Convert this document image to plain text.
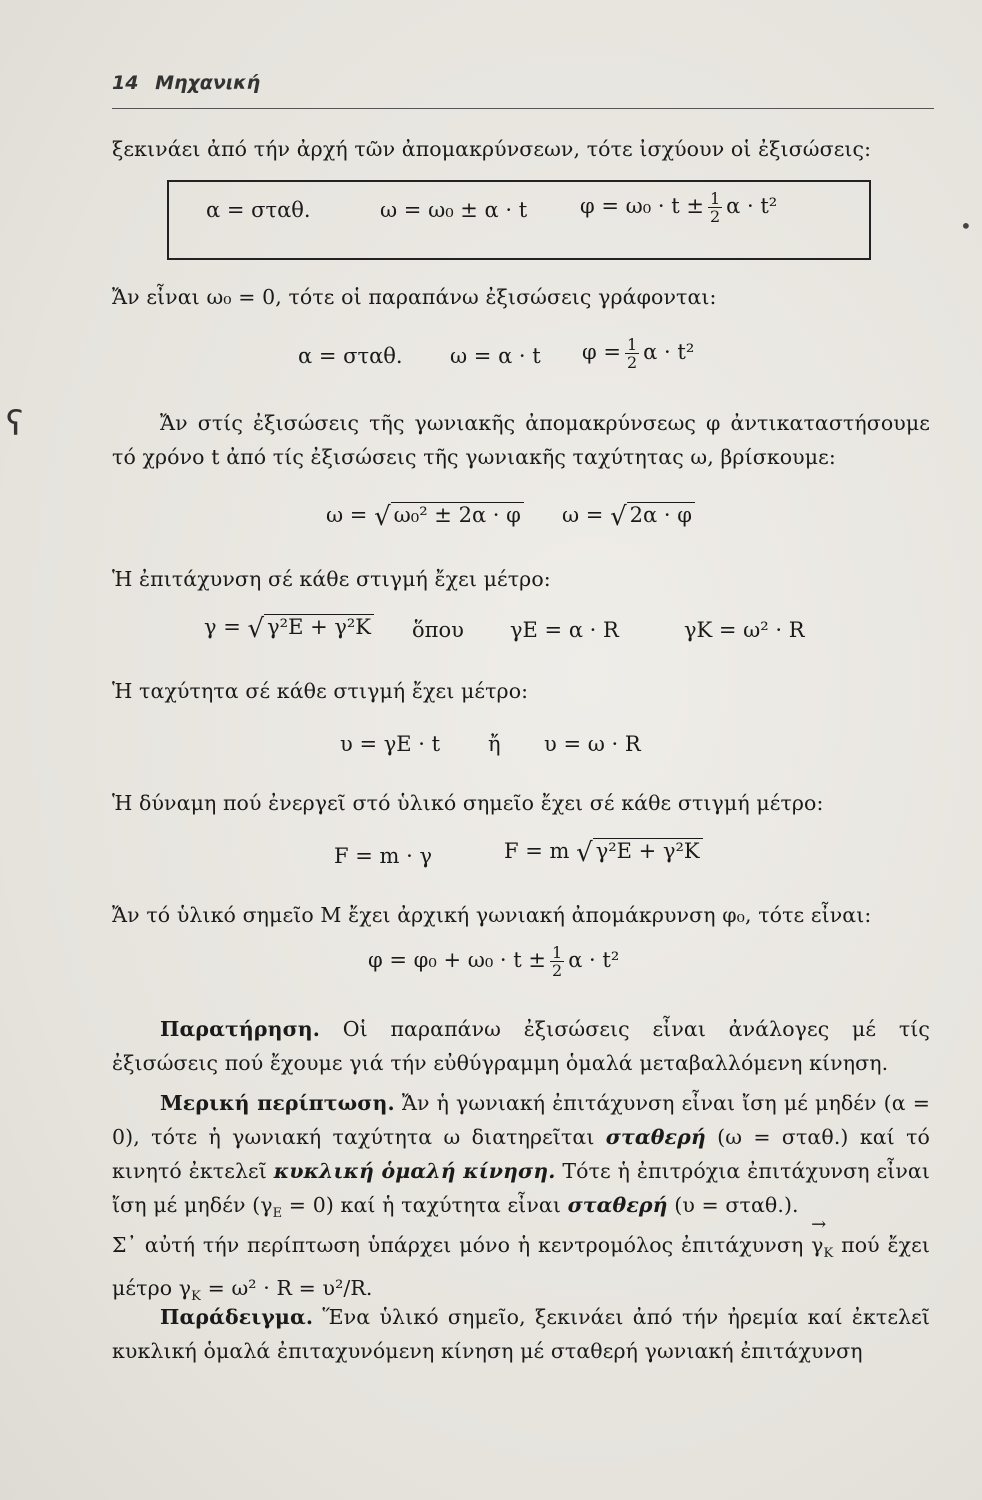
14 Μηχανική
ʕ
ξεκινάει ἀπό τήν ἀρχή τῶν ἀπομακρύνσεων, τότε ἰσχύουν οἱ ἐξισώσεις:
α = σταθ.	ω = ω₀ ± α · t	$\varphi = \omega_0 \cdot t \pm \frac{1}{2}$ α · t²
•
Ἄν εἶναι ω₀ = 0, τότε οἱ παραπάνω ἐξισώσεις γράφονται:
α = σταθ. ω = α · t $\varphi = \frac{1}{2}$ α · t²
Ἄν στίς ἐξισώσεις τῆς γωνιακῆς ἀπομακρύνσεως φ ἀντικαταστήσουμε τό χρόνο t ἀπό τίς ἐξισώσεις τῆς γωνιακῆς ταχύτητας ω, βρίσκουμε:
ω = √ ω₀² ± 2α · φ ω = √ 2α · φ
Ἡ ἐπιτάχυνση σέ κάθε στιγμή ἔχει μέτρο:
γ = √ γ²Ε + γ²Κ ὅπου γΕ = α · R	γΚ = ω² · R
Ἡ ταχύτητα σέ κάθε στιγμή ἔχει μέτρο:
υ = γΕ · t ἤ υ = ω · R
Ἡ δύναμη πού ἐνεργεῖ στό ὑλικό σημεῖο ἔχει σέ κάθε στιγμή μέτρο:
F = m · γ	F = m √ γ²Ε + γ²Κ
Ἄν τό ὑλικό σημεῖο Μ ἔχει ἀρχική γωνιακή ἀπομάκρυνση φ₀, τότε εἶναι:
$\varphi = \varphi_0 + \omega_0 \cdot t \pm \frac{1}{2}$ α · t²
Παρατήρηση. Οἱ παραπάνω ἐξισώσεις εἶναι ἀνάλογες μέ τίς ἐξισώσεις πού ἔχουμε γιά τήν εὐθύγραμμη ὁμαλά μεταβαλλόμενη κίνηση.
Μερική περίπτωση. Ἄν ἡ γωνιακή ἐπιτάχυνση εἶναι ἴση μέ μηδέν (α = 0), τότε ἡ γωνιακή ταχύτητα ω διατηρεῖται σταθερή (ω = σταθ.) καί τό κινητό ἐκτελεῖ κυκλική ὁμαλή κίνηση. Τότε ἡ ἐπιτρόχια ἐπιτάχυνση εἶναι ἴση μέ μηδέν $(\gamma_E = 0)$ καί ἡ ταχύτητα εἶναι σταθερή (υ = σταθ.).
Σ᾽ αὐτή τήν περίπτωση ὑπάρχει μόνο ἡ κεντρομόλος ἐπιτάχυνση → $\gamma_K$ πού ἔχει μέτρο $\gamma_K = \omega^2 \cdot R = \upsilon^2/R$.
Παράδειγμα. Ἕνα ὑλικό σημεῖο, ξεκινάει ἀπό τήν ἠρεμία καί ἐκτελεῖ κυκλική ὁμαλά ἐπιταχυνόμενη κίνηση μέ σταθερή γωνιακή ἐπιτάχυνση
